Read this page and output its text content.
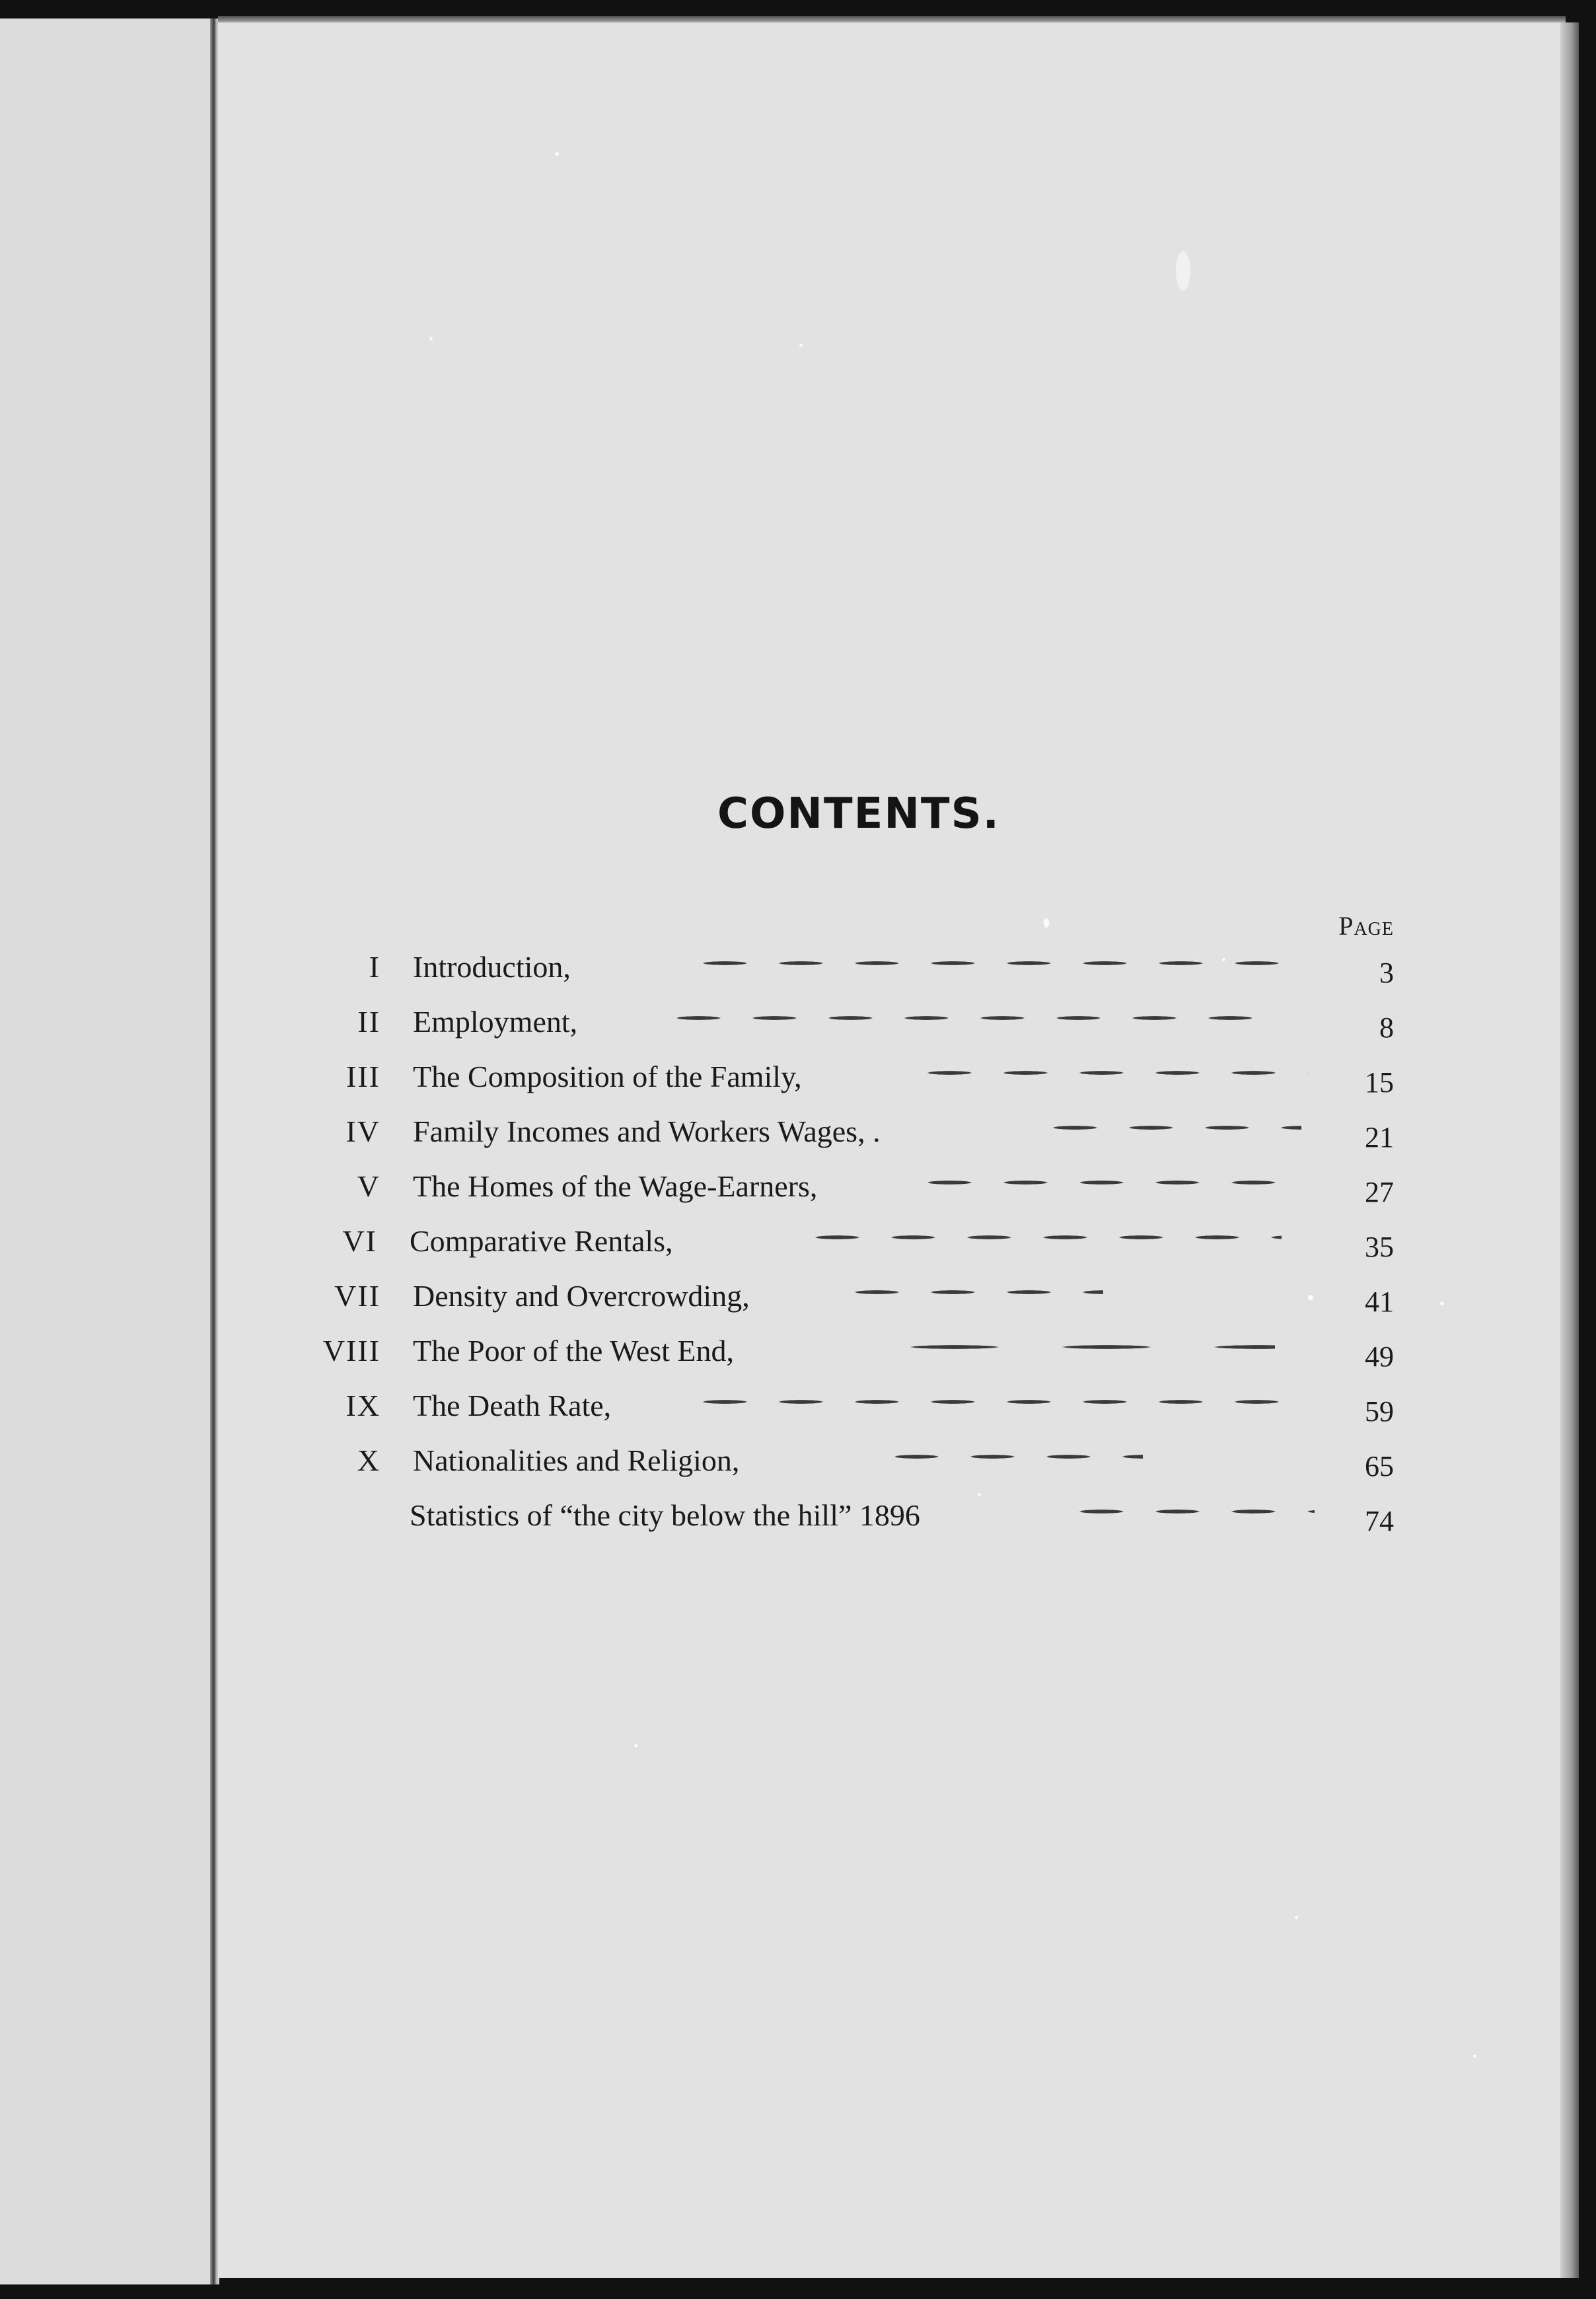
CONTENTS.
Page
I Introduction,	3
II Employment,	8
III The Composition of the Family,	15
IV Family Incomes and Workers Wages, .	21
V The Homes of the Wage-Earners,	27
VI Comparative Rentals,	35
VII Density and Overcrowding,	41
VIII The Poor of the West End,	49
IX The Death Rate,	59
X Nationalities and Religion,	65
Statistics of “the city below the hill” 1896	74
